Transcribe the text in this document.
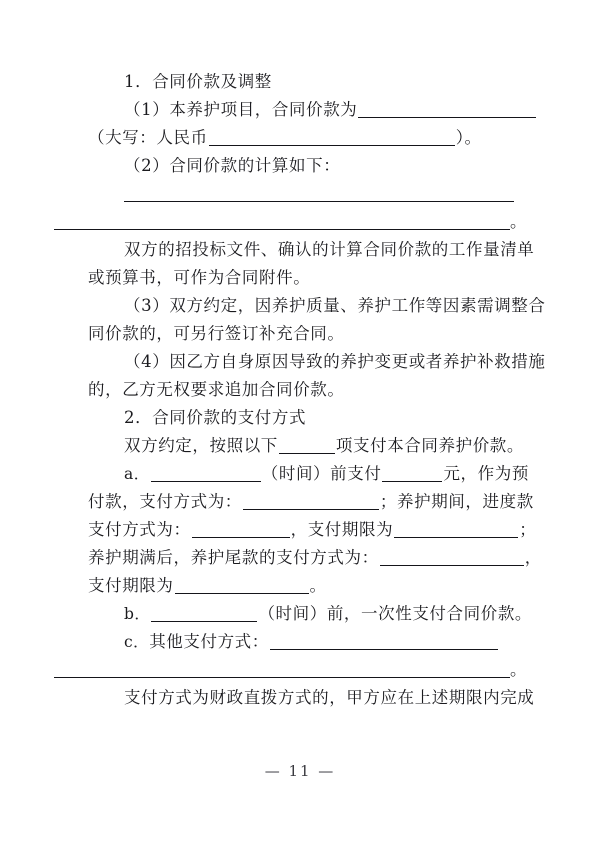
1．合同价款及调整
（1）本养护项目，合同价款为
（大写：人民币	）。
（2）合同价款的计算如下：
。
双方的招投标文件、确认的计算合同价款的工作量清单
或预算书，可作为合同附件。
（3）双方约定，因养护质量、养护工作等因素需调整合
同价款的，可另行签订补充合同。
（4）因乙方自身原因导致的养护变更或者养护补救措施
的，乙方无权要求追加合同价款。
2．合同价款的支付方式
双方约定，按照以下	项支付本合同养护价款。
a．	（时间）前支付	元，作为预
付款，支付方式为：	；养护期间，进度款
支付方式为：	，支付期限为	；
养护期满后，养护尾款的支付方式为：	，
支付期限为	。
b．	（时间）前，一次性支付合同价款。
c．其他支付方式：
。
支付方式为财政直拨方式的，甲方应在上述期限内完成
— 11 —
